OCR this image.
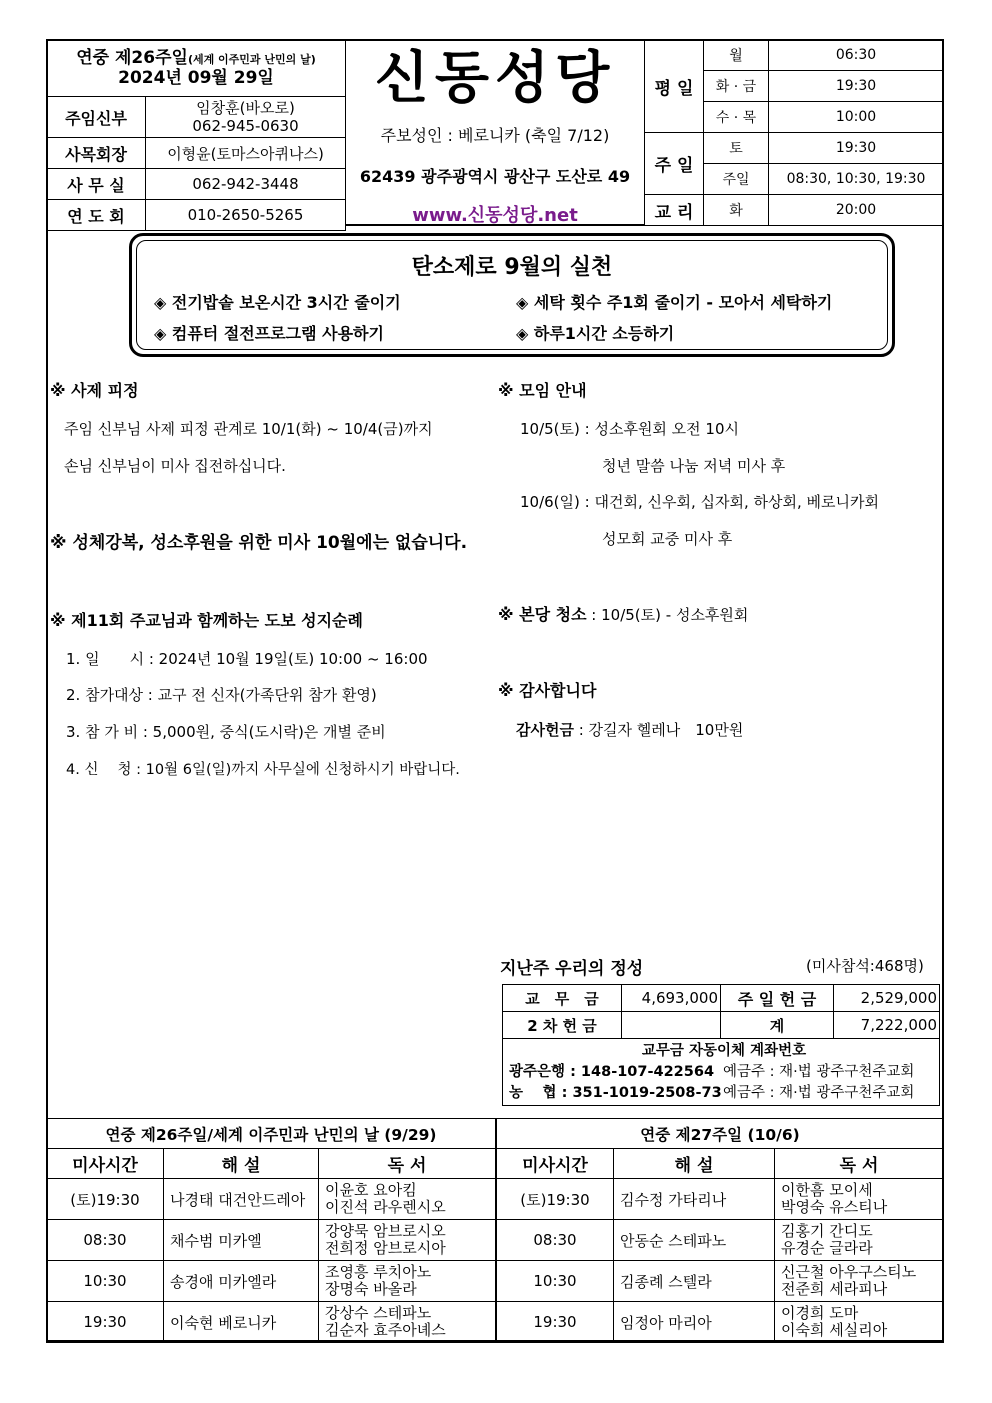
연중 제26주일(세계 이주민과 난민의 날)
2024년 09월 29일	
주임신부	임창훈(바오로)
062-945-0630
사목회장	이형윤(토마스아퀴나스)
사 무 실	062-942-3448
연 도 회	010-2650-5265
신동성당
주보성인 : 베로니카 (축일 7/12)
62439 광주광역시 광산구 도산로 49
www.신동성당.net
평 일	월	06:30
	화 · 금	19:30
	수 · 목	10:00
주 일	토	19:30
	주일	08:30, 10:30, 19:30
교 리	화	20:00
탄소제로 9월의 실천
◈ 전기밥솥 보온시간 3시간 줄이기	◈ 세탁 횟수 주1회 줄이기 - 모아서 세탁하기
◈ 컴퓨터 절전프로그램 사용하기	◈ 하루1시간 소등하기
※ 사제 피정
주임 신부님 사제 피정 관계로 10/1(화) ~ 10/4(금)까지
손님 신부님이 미사 집전하십니다.
※ 성체강복, 성소후원을 위한 미사 10월에는 없습니다.
※ 제11회 주교님과 함께하는 도보 성지순례
1. 일　　시 : 2024년 10월 19일(토) 10:00 ~ 16:00
2. 참가대상 : 교구 전 신자(가족단위 참가 환영)
3. 참 가 비 : 5,000원, 중식(도시락)은 개별 준비
4. 신　 청 : 10월 6일(일)까지 사무실에 신청하시기 바랍니다.
※ 모임 안내
10/5(토) : 성소후원회 오전 10시
청년 말씀 나눔 저녁 미사 후
10/6(일) : 대건회, 신우회, 십자회, 하상회, 베로니카회
성모회 교중 미사 후
※ 본당 청소 : 10/5(토) - 성소후원회
※ 감사합니다
감사헌금 : 강길자 헬레나　10만원
지난주 우리의 정성	(미사참석:468명)
교　무　금	4,693,000	주 일 헌 금	2,529,000
2 차 헌 금		계	7,222,000

교무금 자동이체 계좌번호
광주은행 : 148-107-422564 예금주 : 재·법 광주구천주교회
농　 협 : 351-1019-2508-73예금주 : 재·법 광주구천주교회			
연중 제26주일/세계 이주민과 난민의 날 (9/29)		
미사시간	해 설	독 서
(토)19:30	나경태 대건안드레아	이윤호 요아킴
이진석 라우렌시오
08:30	채수범 미카엘	강양묵 암브로시오
전희정 암브로시아
10:30	송경애 미카엘라	조영흥 루치아노
장명숙 바올라
19:30	이숙현 베로니카	강상수 스테파노
김순자 효주아녜스
연중 제27주일 (10/6)		
미사시간	해 설	독 서
(토)19:30	김수정 가타리나	이한흠 모이세
박영숙 유스티나
08:30	안동순 스테파노	김홍기 간디도
유경순 글라라
10:30	김종례 스텔라	신근철 아우구스티노
전준희 세라피나
19:30	임정아 마리아	이경희 도마
이숙희 세실리아
